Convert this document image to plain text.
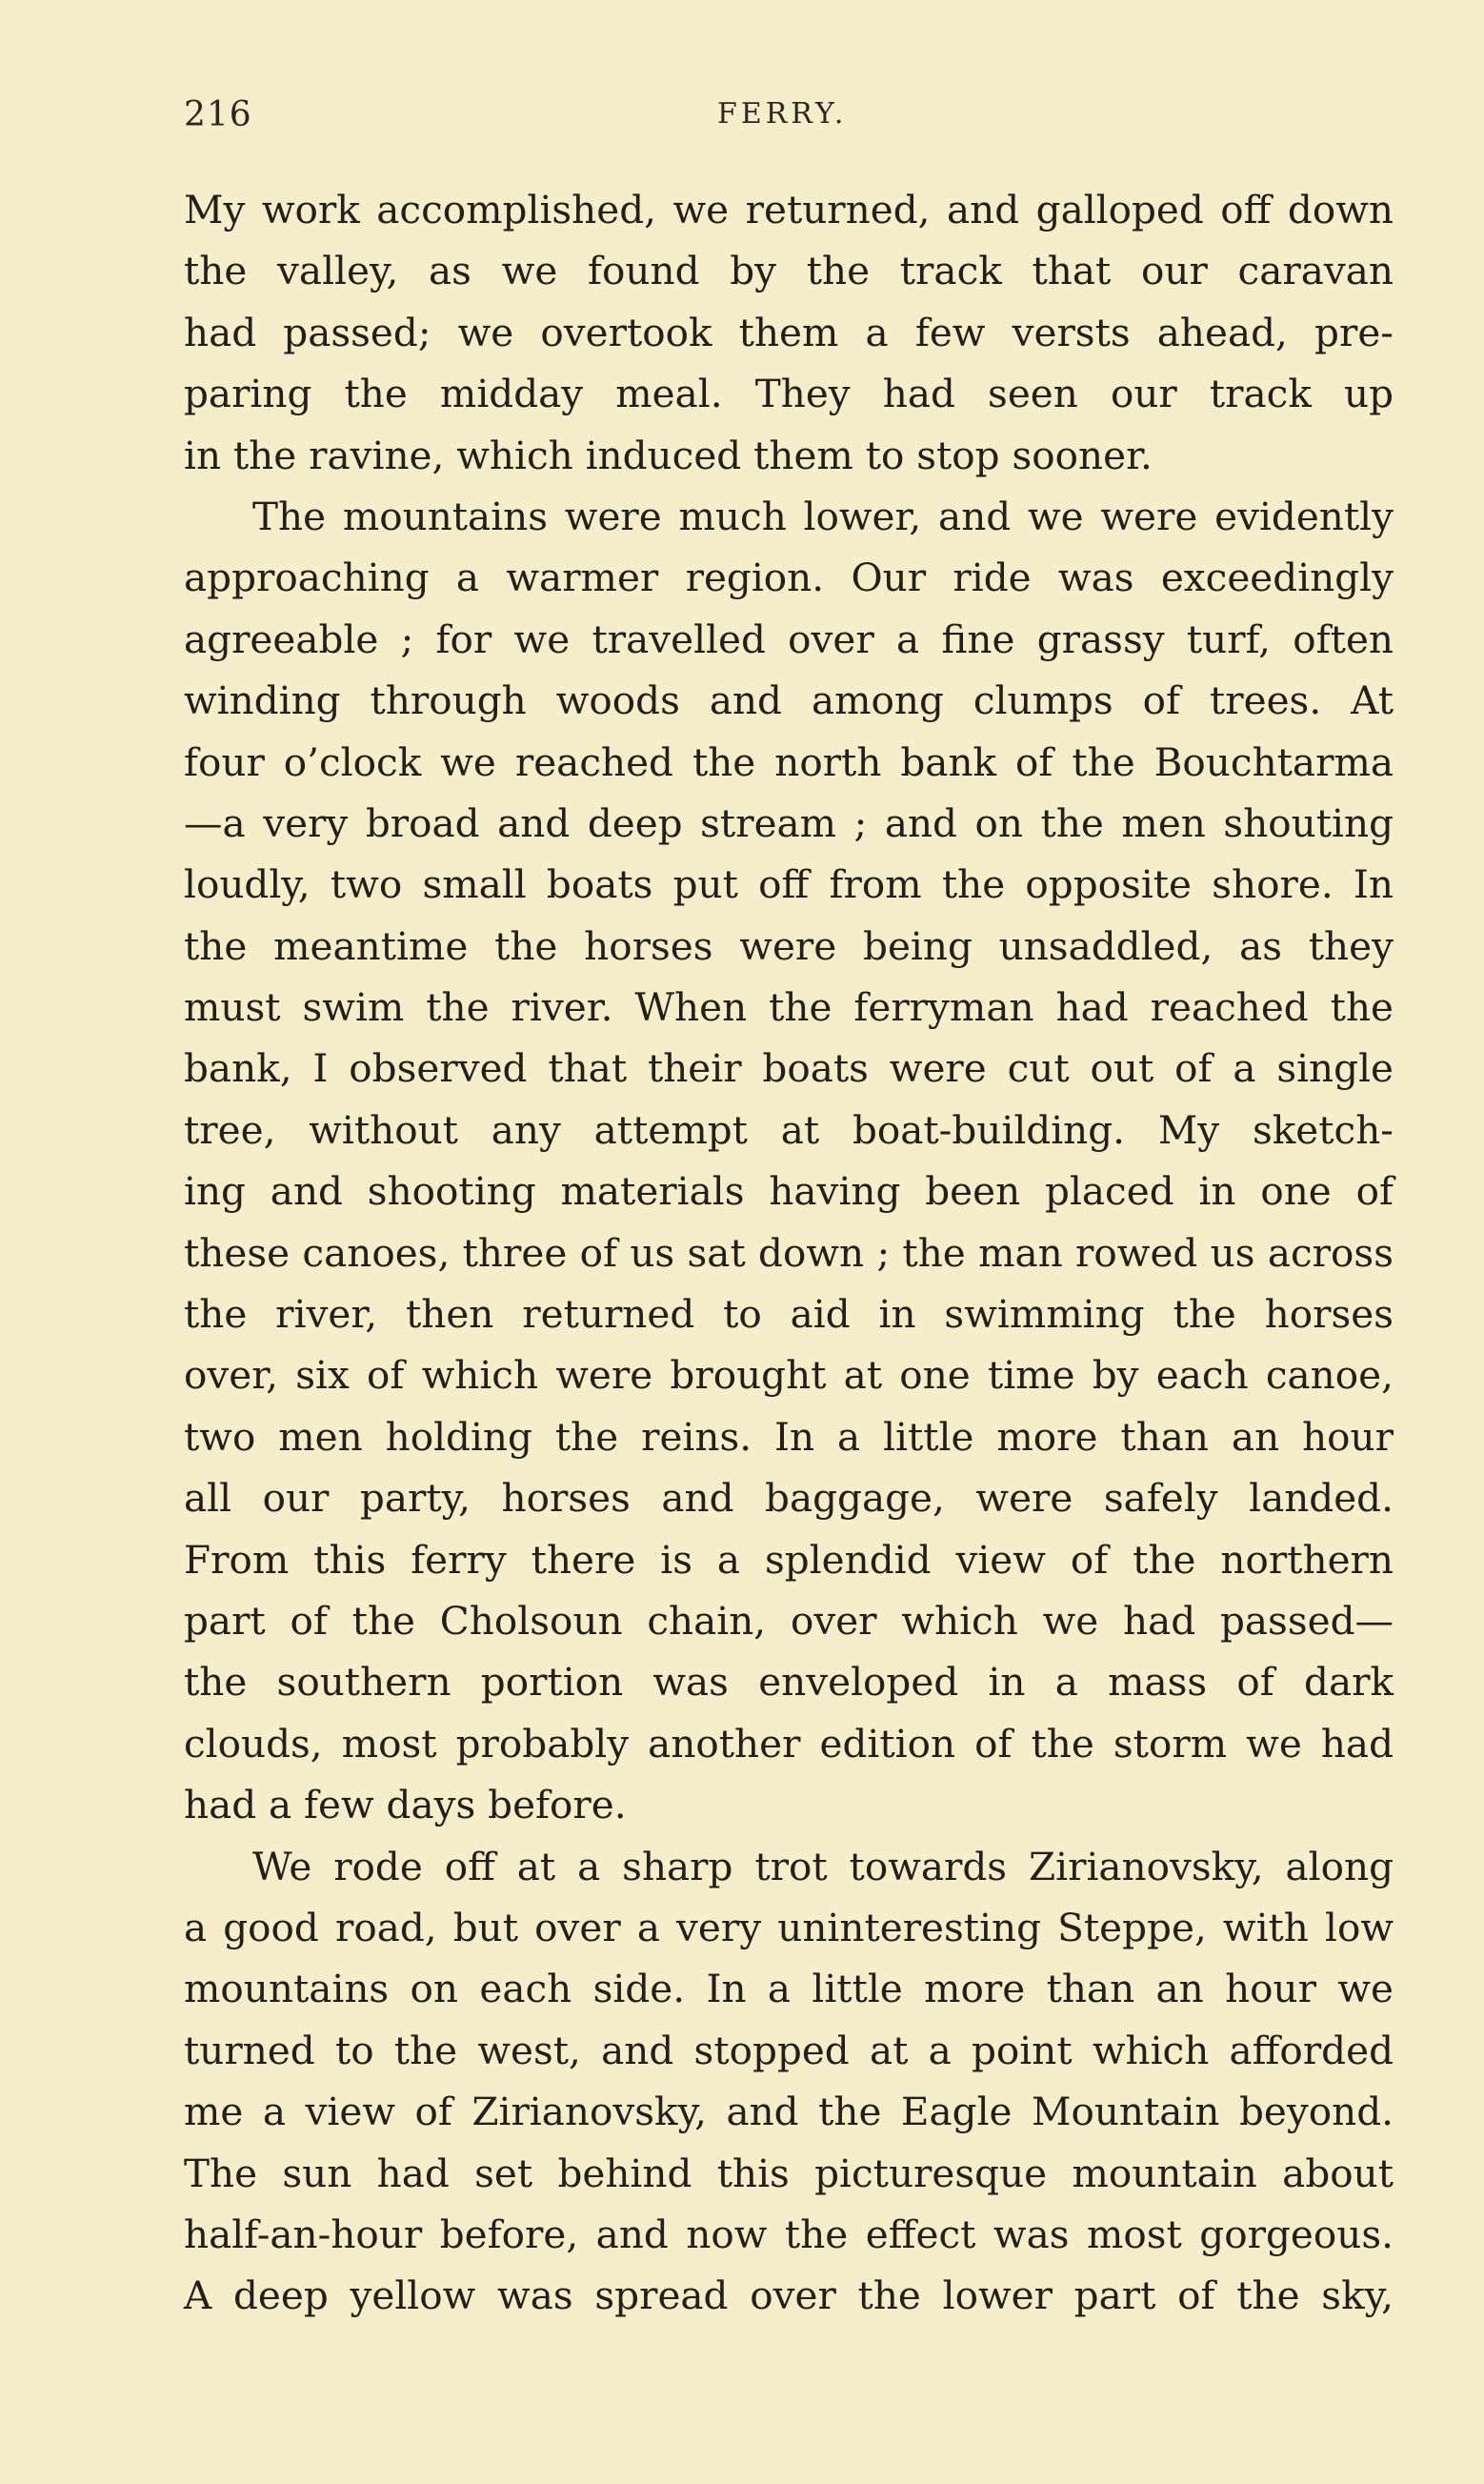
216	FERRY.
My work accomplished, we returned, and galloped off down
the valley, as we found by the track that our caravan
had passed; we overtook them a few versts ahead, pre-
paring the midday meal. They had seen our track up
in the ravine, which induced them to stop sooner.
The mountains were much lower, and we were evidently
approaching a warmer region. Our ride was exceedingly
agreeable ; for we travelled over a fine grassy turf, often
winding through woods and among clumps of trees. At
four o’clock we reached the north bank of the Bouchtarma
—a very broad and deep stream ; and on the men shouting
loudly, two small boats put off from the opposite shore. In
the meantime the horses were being unsaddled, as they
must swim the river. When the ferryman had reached the
bank, I observed that their boats were cut out of a single
tree, without any attempt at boat-building. My sketch-
ing and shooting materials having been placed in one of
these canoes, three of us sat down ; the man rowed us across
the river, then returned to aid in swimming the horses
over, six of which were brought at one time by each canoe,
two men holding the reins. In a little more than an hour
all our party, horses and baggage, were safely landed.
From this ferry there is a splendid view of the northern
part of the Cholsoun chain, over which we had passed—
the southern portion was enveloped in a mass of dark
clouds, most probably another edition of the storm we had
had a few days before.
We rode off at a sharp trot towards Zirianovsky, along
a good road, but over a very uninteresting Steppe, with low
mountains on each side. In a little more than an hour we
turned to the west, and stopped at a point which afforded
me a view of Zirianovsky, and the Eagle Mountain beyond.
The sun had set behind this picturesque mountain about
half-an-hour before, and now the effect was most gorgeous.
A deep yellow was spread over the lower part of the sky,
